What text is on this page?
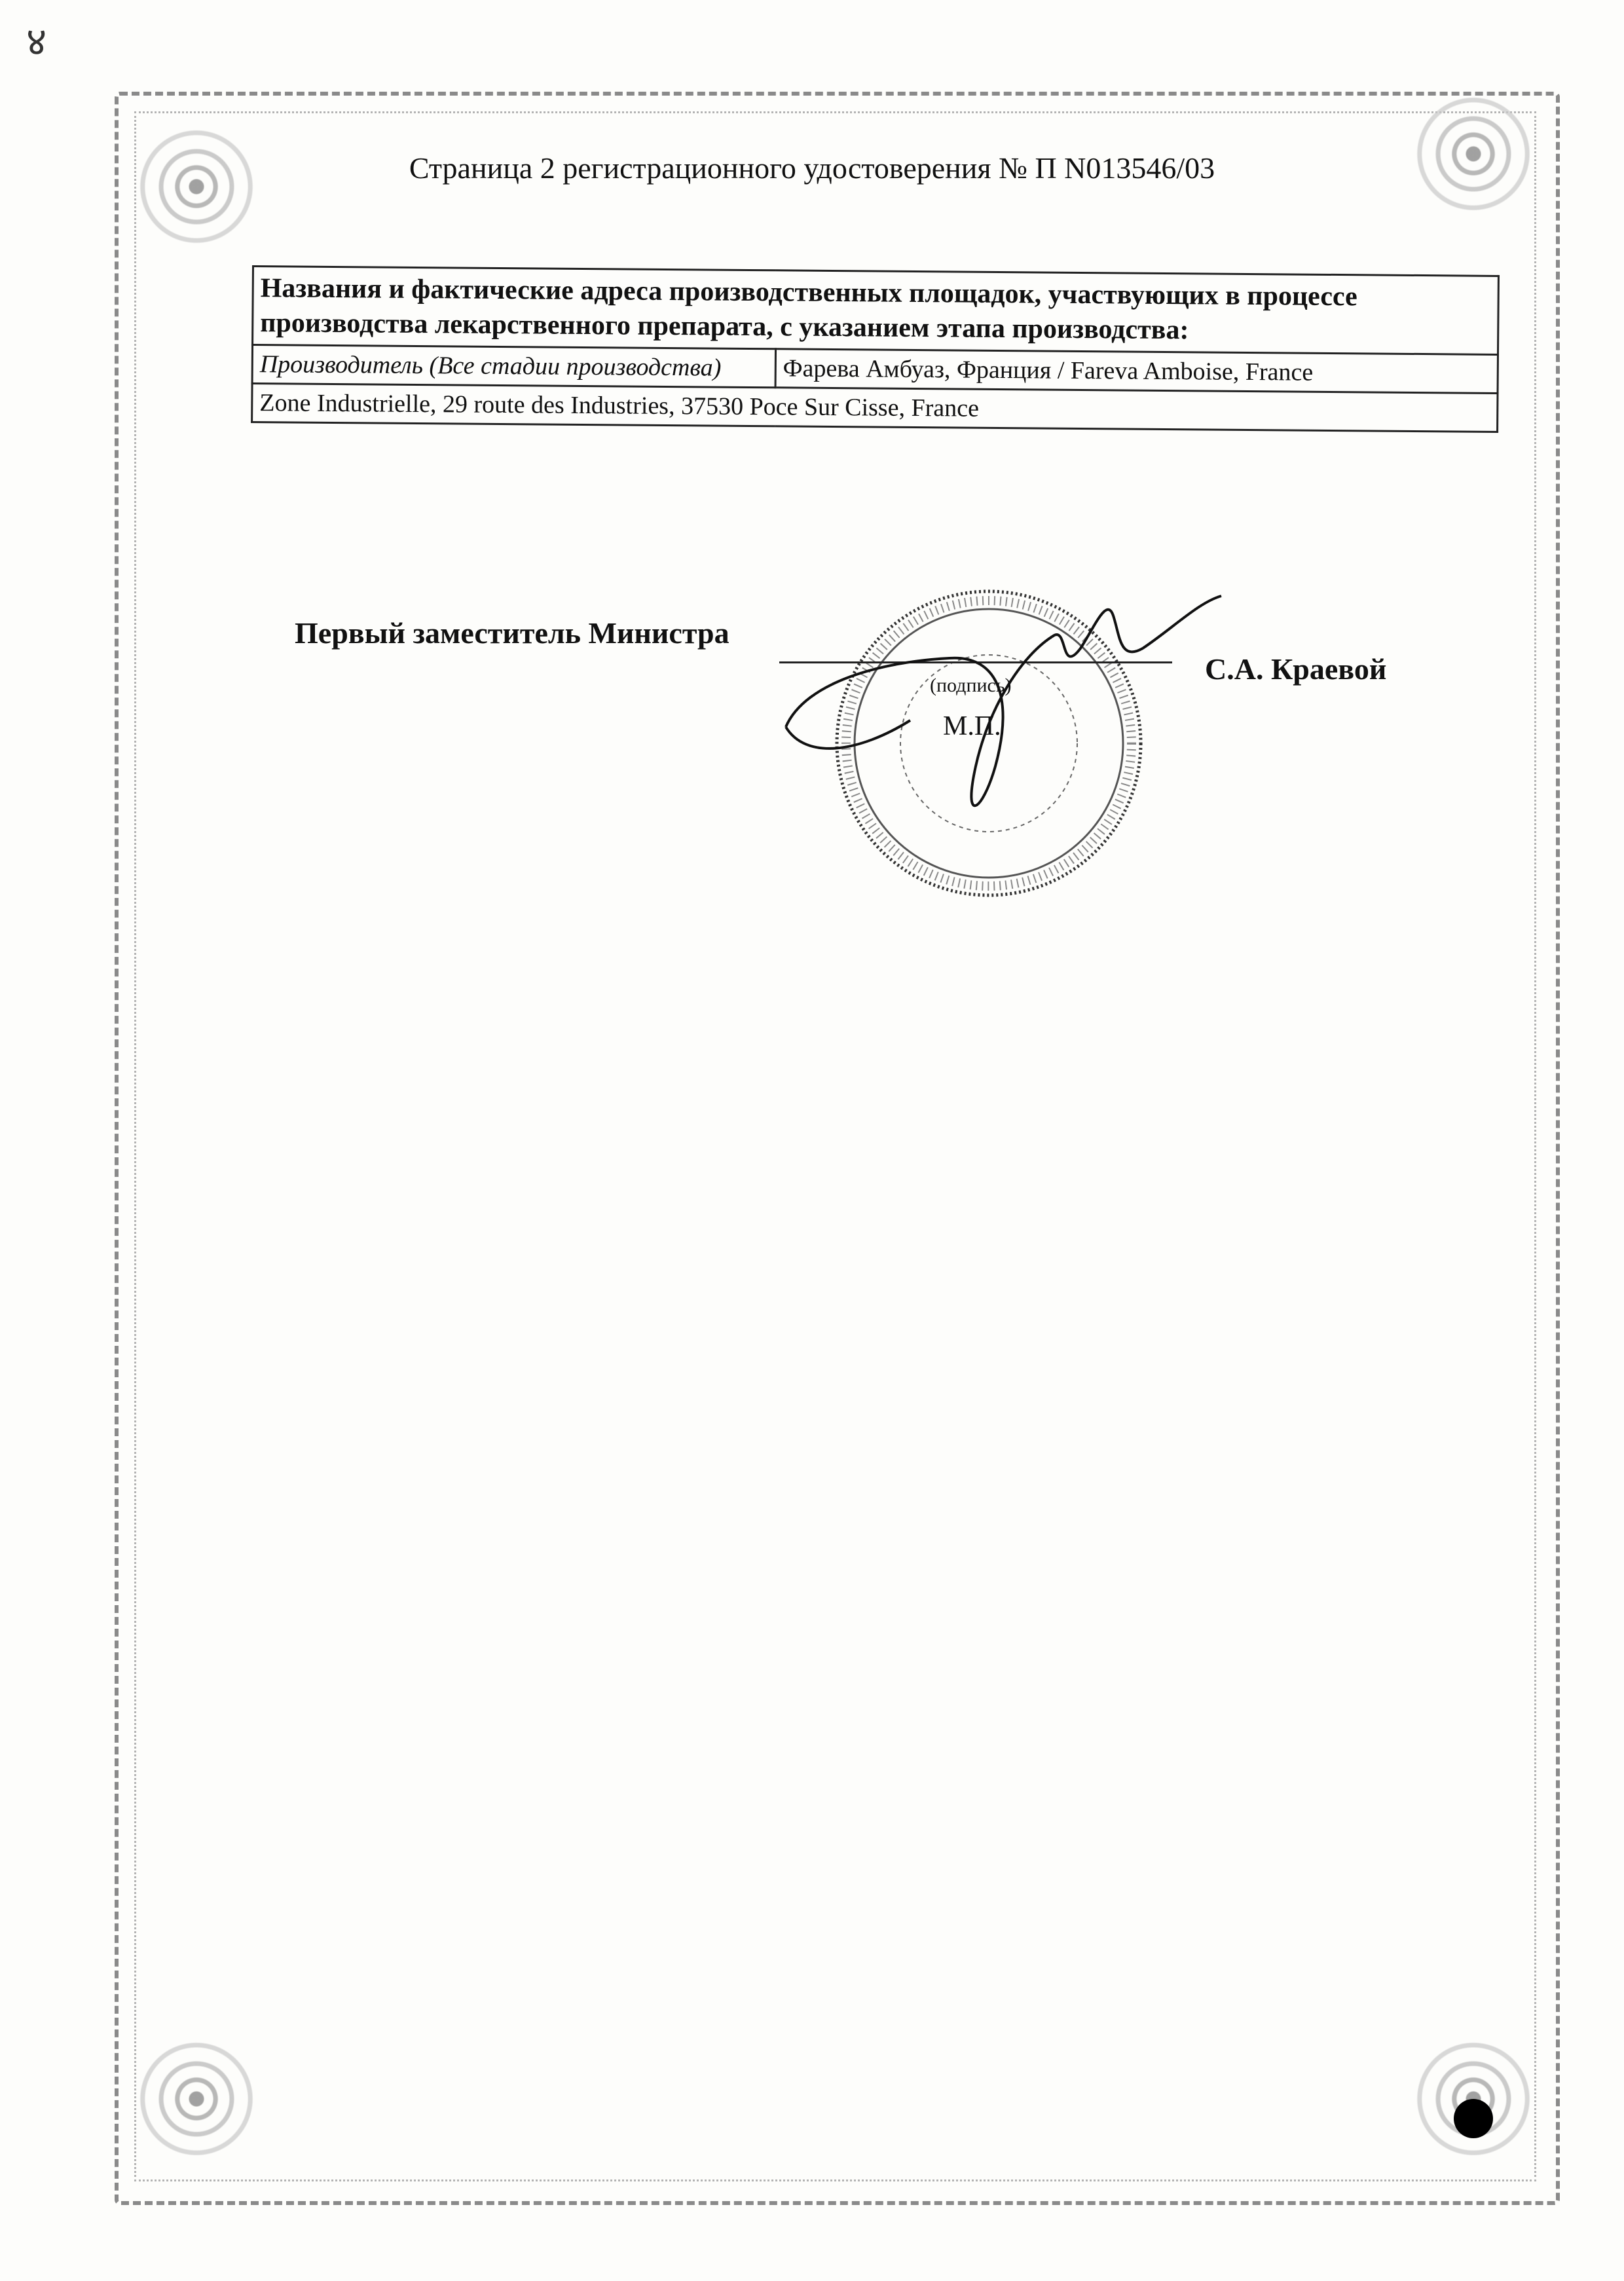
४
Страница 2 регистрационного удостоверения № П N013546/03
Названия и фактические адреса производственных площадок, участвующих в процессе производства лекарственного препарата, с указанием этапа производства:
Производитель (Все стадии производства)	Фарева Амбуаз, Франция / Fareva Amboise, France
Zone Industrielle, 29 route des Industries, 37530 Poce Sur Cisse, France
Первый заместитель Министра
(подпись)
М.П.
С.А. Краевой
